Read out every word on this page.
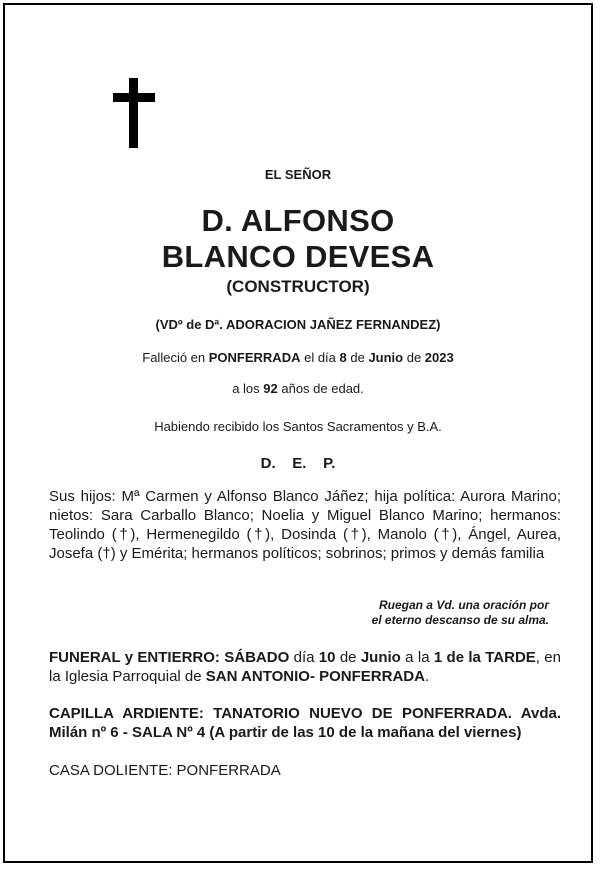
EL SEÑOR
D. ALFONSO
BLANCO DEVESA
(CONSTRUCTOR)
(VDº de Dª. ADORACION JAÑEZ FERNANDEZ)
Falleció en PONFERRADA el día 8 de Junio de 2023
a los 92 años de edad.
Habiendo recibido los Santos Sacramentos y B.A.
D.    E.    P.
Sus hijos: Mª Carmen y Alfonso Blanco Jáñez; hija política: Aurora Marino; nietos: Sara Carballo Blanco; Noelia y Miguel Blanco Marino; hermanos: Teolindo (†), Hermenegildo (†), Dosinda (†), Manolo (†), Ángel, Aurea, Josefa (†) y Emérita; hermanos políticos; sobrinos; primos y demás familia
Ruegan a Vd. una oración por
el eterno descanso de su alma.
FUNERAL y ENTIERRO: SÁBADO día 10 de Junio a la 1 de la TARDE, en la Iglesia Parroquial de SAN ANTONIO- PONFERRADA.
CAPILLA ARDIENTE: TANATORIO NUEVO DE PONFERRADA. Avda. Milán nº 6 - SALA Nº 4 (A partir de las 10 de la mañana del viernes)
CASA DOLIENTE: PONFERRADA
